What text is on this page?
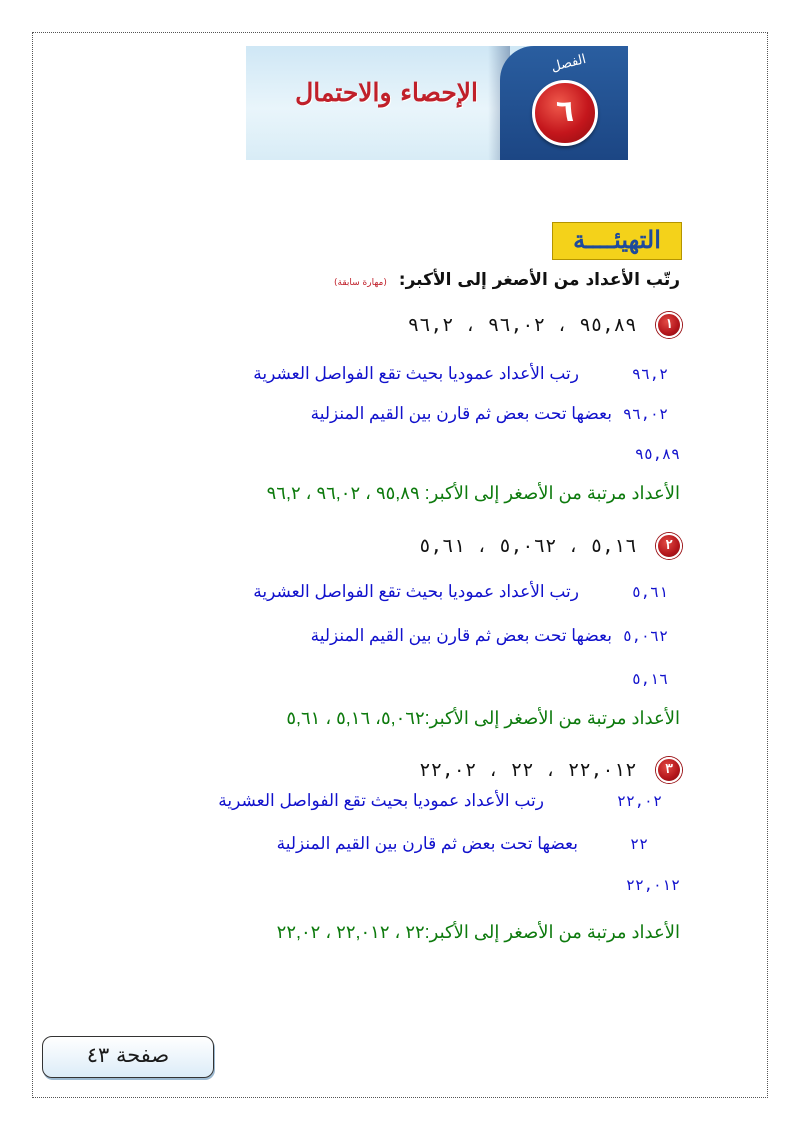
الإحصاء والاحتمال
الفصل
٦
التهيئــــة
رتّب الأعداد من الأصغر إلى الأكبر: (مهارة سابقة)
١ ٩٥,٨٩ ، ٩٦,٠٢ ، ٩٦,٢
٩٦,٢
رتب الأعداد عموديا بحيث تقع الفواصل العشرية
٩٦,٠٢
بعضها تحت بعض ثم قارن بين القيم المنزلية
٩٥,٨٩
الأعداد مرتبة من الأصغر إلى الأكبر: ٩٥,٨٩ ، ٩٦,٠٢ ، ٩٦,٢
٢ ٥,١٦ ، ٥,٠٦٢ ، ٥,٦١
٥,٦١
رتب الأعداد عموديا بحيث تقع الفواصل العشرية
٥,٠٦٢
بعضها تحت بعض ثم قارن بين القيم المنزلية
٥,١٦
الأعداد مرتبة من الأصغر إلى الأكبر:٥,٠٦٢، ٥,١٦ ، ٥,٦١
٣ ٢٢,٠١٢ ، ٢٢ ، ٢٢,٠٢
٢٢,٠٢
رتب الأعداد عموديا بحيث تقع الفواصل العشرية
٢٢
بعضها تحت بعض ثم قارن بين القيم المنزلية
٢٢,٠١٢
الأعداد مرتبة من الأصغر إلى الأكبر:٢٢ ، ٢٢,٠١٢ ، ٢٢,٠٢
صفحة ٤٣
